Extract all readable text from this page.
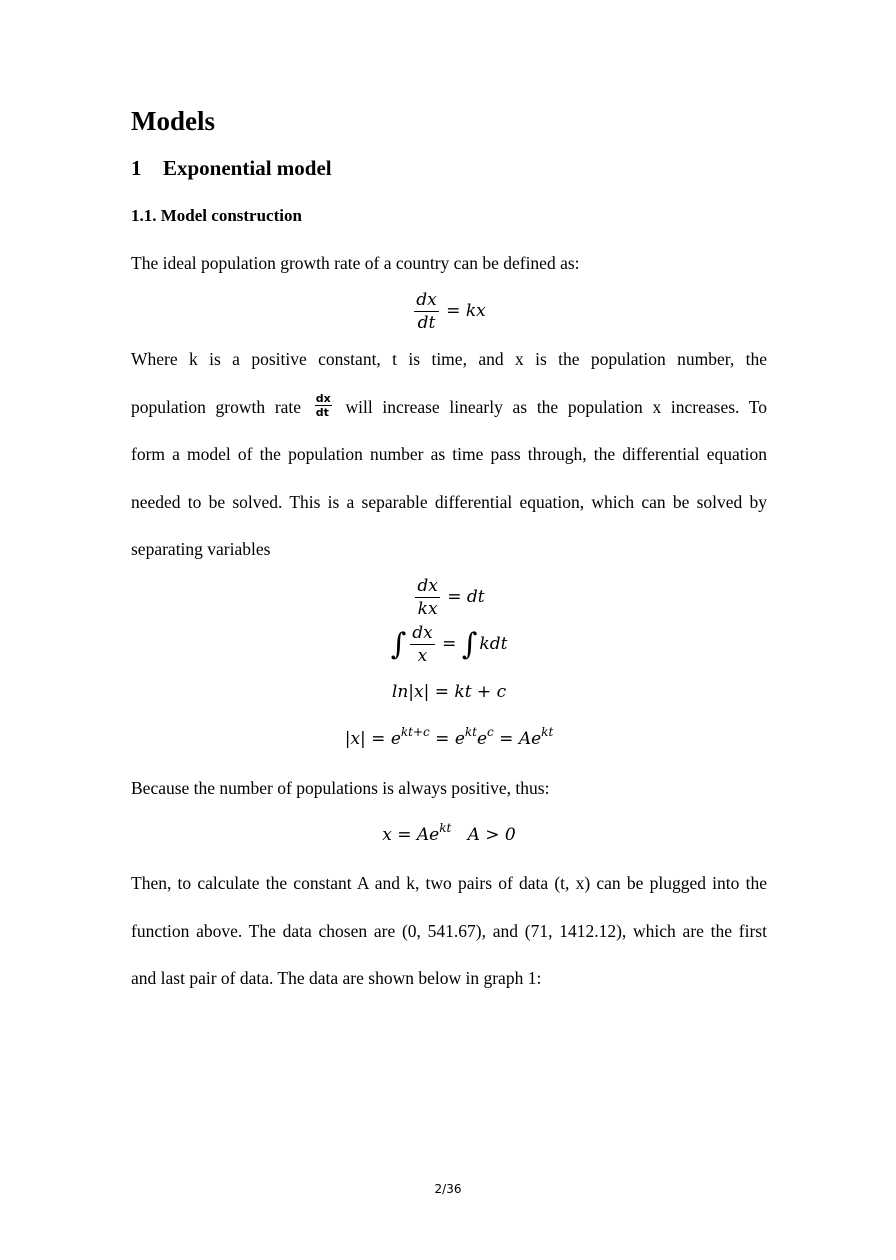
Models
1 Exponential model
1.1. Model construction
The ideal population growth rate of a country can be defined as:
$\frac{dx}{dt}$ = kx
Where k is a positive constant, t is time, and x is the population number, the
population growth rate $\frac{dx}{dt}$ will increase linearly as the population x increases. To
form a model of the population number as time pass through, the differential equation
needed to be solved. This is a separable differential equation, which can be solved by
separating variables
$\frac{dx}{kx}$ = dt
∫ $\frac{dx}{x}$ = ∫ kdt
ln|x| = kt + c
$|x| = e^{kt+c} = e^{kt}e^c = Ae^{kt}$
Because the number of populations is always positive, thus:
$x = Ae^{kt}$ A > 0
Then, to calculate the constant A and k, two pairs of data (t, x) can be plugged into the
function above. The data chosen are (0, 541.67), and (71, 1412.12), which are the first
and last pair of data. The data are shown below in graph 1:
2/36
